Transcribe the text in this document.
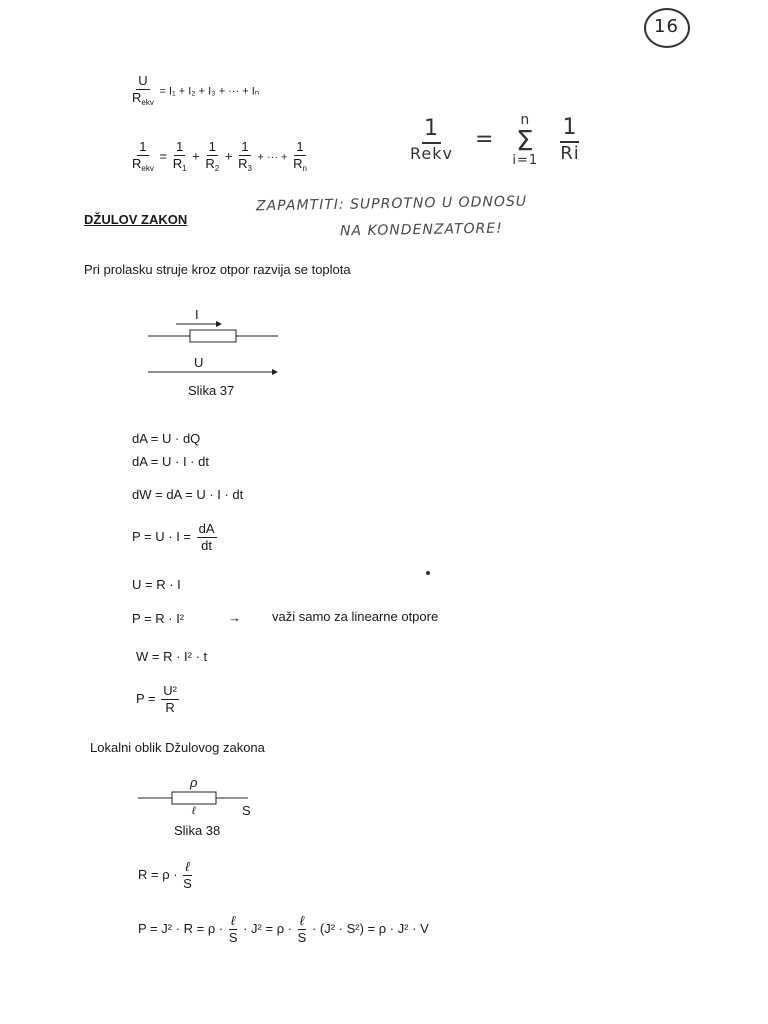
16
$\frac{U}{R_{ekv}} = I_1 + I_2 + I_3$ + ··· + Iₙ
$\frac{1}{R_{ekv}} = \frac{1}{R_1} + \frac{1}{R_2} + \frac{1}{R_3}$ + ··· + $\frac{1}{R_n}$	$\frac{1}{\text{Rekv}}$ =
n
Σ
i=1
$\frac{1}{Ri}$
DŽULOV ZAKON
ZAPAMTITI: SUPROTNO U ODNOSU
NA KONDENZATORE!
Pri prolasku struje kroz otpor razvija se toplota
I
U
Slika 37
dA = U · dQ
dA = U · I · dt
dW = dA = U · I · dt
$P = U \cdot I = \frac{dA}{dt}$
U = R · I
P = R · I²	→ važi samo za linearne otpore
W = R · I² · t
$P = \frac{\text{U²}}{R}$
Lokalni oblik Džulovog zakona
ρ
ℓ	S
Slika 38
$R = \rho \cdot \frac{\text{ℓ}}{S}$
$P = J^2 \cdot R = \rho \cdot \frac{\text{ℓ}}{S} \cdot J^2 = \rho \cdot \frac{\text{ℓ}}{S} \cdot (J^2 \cdot S^2) = \rho \cdot J^2 \cdot V$
